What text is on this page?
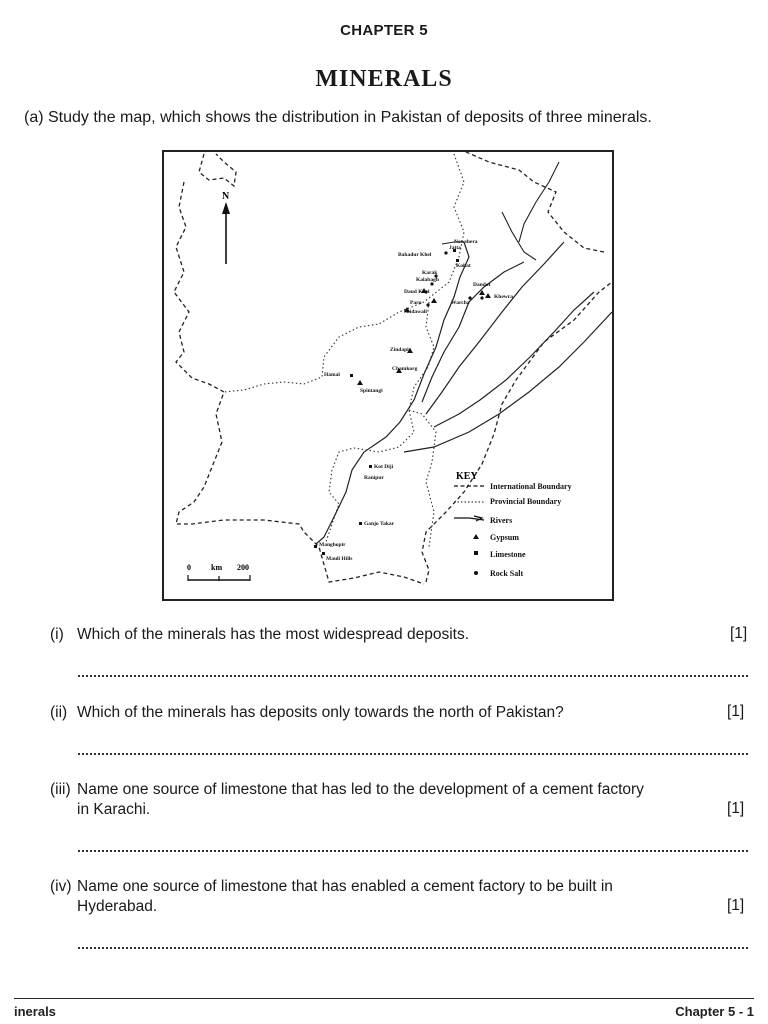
CHAPTER 5
MINERALS
(a) Study the map, which shows the distribution in Pakistan of deposits of three minerals.
N
Nowshera
Jatta
Bahadur Khel
Kohat
Karak
Kalabagh
Daud Khel
Dandot
Khewra
Warcha
Paru
Saidawali
Zindapir
Chamkorg
Hamal
Spintangi
Kot Diji
Ranipur
Ganjo Takar
Manghopir
Mauli Hills
0	km 200
KEY
International Boundary
Provincial Boundary
Rivers
Gypsum
Limestone
Rock Salt
(i) Which of the minerals has the most widespread deposits.	[1]
(ii) Which of the minerals has deposits only towards the north of Pakistan?	[1]
(iii) Name one source of limestone that has led to the development of a cement factory
in Karachi.	[1]
(iv) Name one source of limestone that has enabled a cement factory to be built in
Hyderabad.	[1]
inerals	Chapter 5 - 1
